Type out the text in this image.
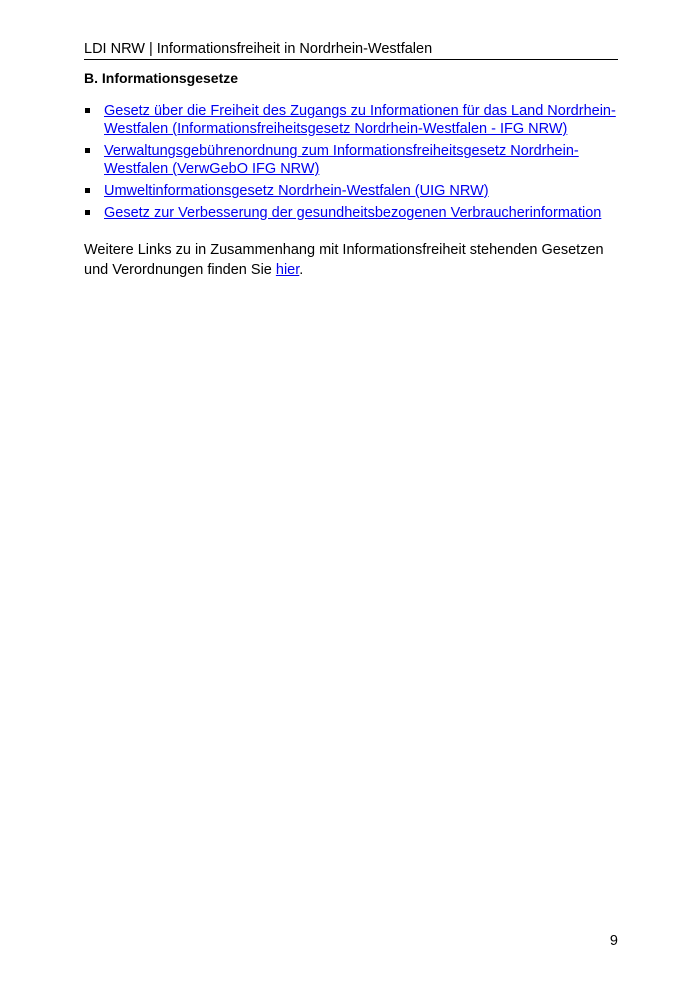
LDI NRW | Informationsfreiheit in Nordrhein-Westfalen
B. Informationsgesetze
Gesetz über die Freiheit des Zugangs zu Informationen für das Land Nordrhein-Westfalen (Informationsfreiheitsgesetz Nordrhein-Westfalen - IFG NRW)
Verwaltungsgebührenordnung zum Informationsfreiheitsgesetz Nordrhein-Westfalen (VerwGebO IFG NRW)
Umweltinformationsgesetz Nordrhein-Westfalen (UIG NRW)
Gesetz zur Verbesserung der gesundheitsbezogenen Verbraucherinformation

Weitere Links zu in Zusammenhang mit Informationsfreiheit stehenden Gesetzen und Verordnungen finden Sie hier.

9
